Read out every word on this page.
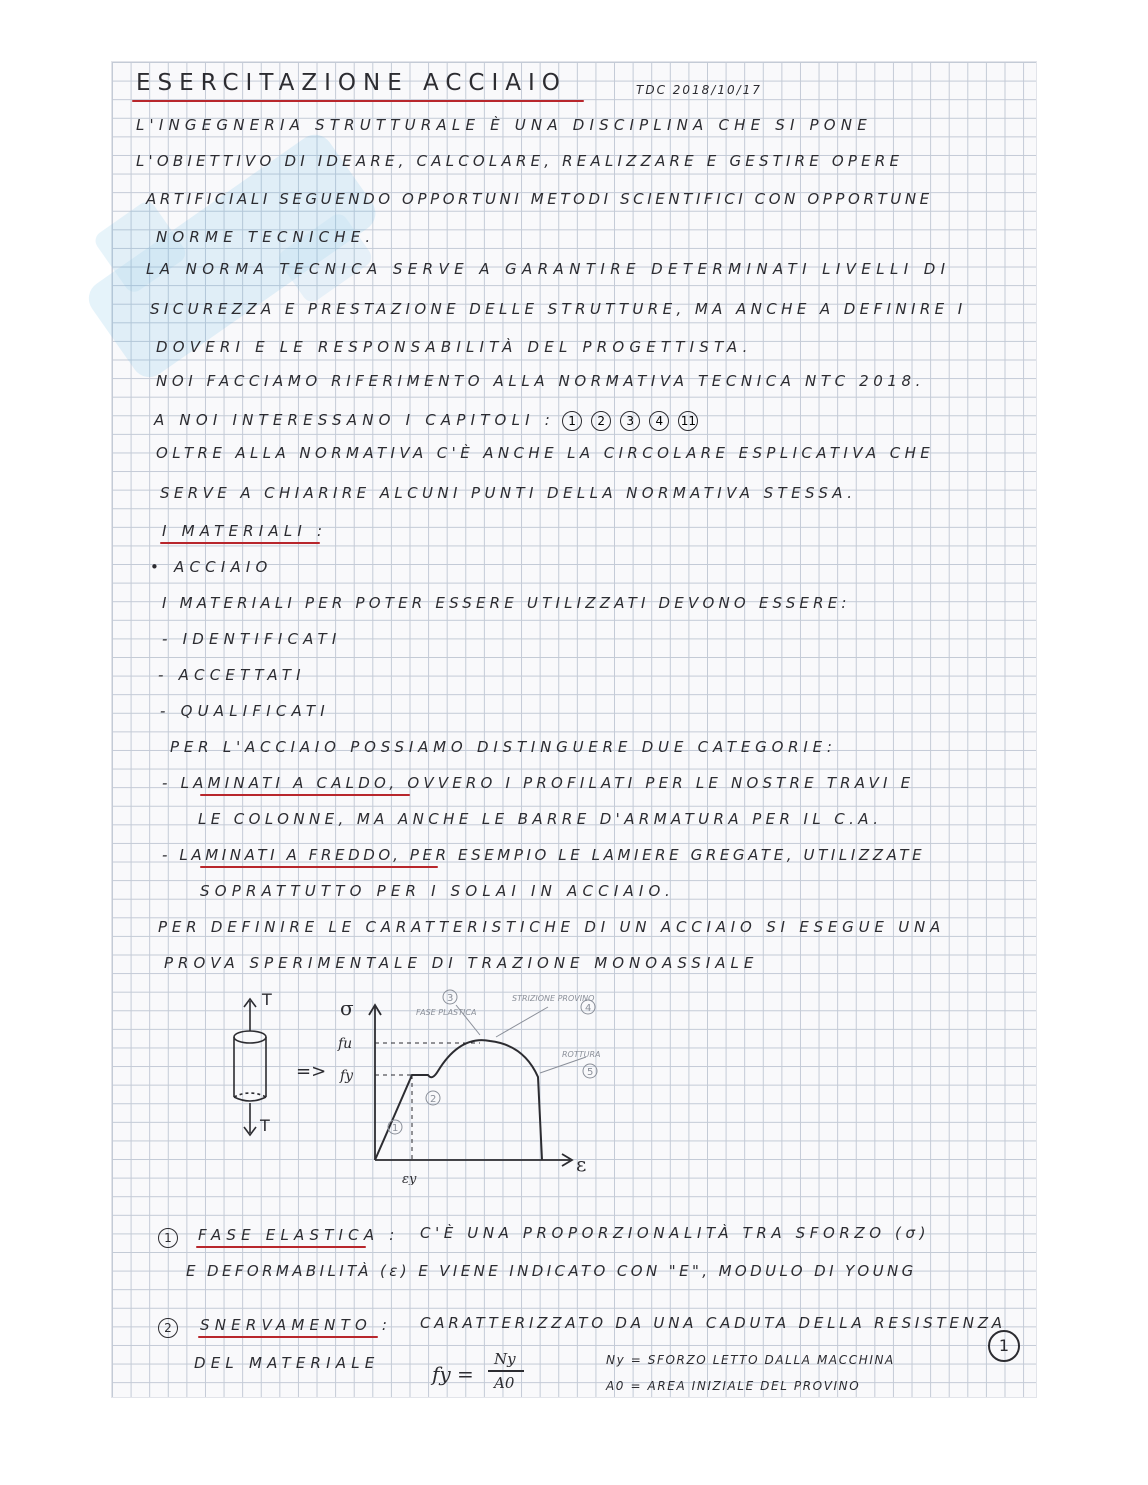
ESERCITAZIONE ACCIAIO	TDC 2018/10/17
L'INGEGNERIA STRUTTURALE È UNA DISCIPLINA CHE SI PONE
L'OBIETTIVO DI IDEARE, CALCOLARE, REALIZZARE E GESTIRE OPERE
ARTIFICIALI SEGUENDO OPPORTUNI METODI SCIENTIFICI CON OPPORTUNE
NORME TECNICHE.
LA NORMA TECNICA SERVE A GARANTIRE DETERMINATI LIVELLI DI
SICUREZZA E PRESTAZIONE DELLE STRUTTURE, MA ANCHE A DEFINIRE I
DOVERI E LE RESPONSABILITÀ DEL PROGETTISTA.
NOI FACCIAMO RIFERIMENTO ALLA NORMATIVA TECNICA NTC 2018.
A NOI INTERESSANO I CAPITOLI : 1 2 3 4 11
OLTRE ALLA NORMATIVA C'È ANCHE LA CIRCOLARE ESPLICATIVA CHE
SERVE A CHIARIRE ALCUNI PUNTI DELLA NORMATIVA STESSA.
I MATERIALI :
• ACCIAIO
I MATERIALI PER POTER ESSERE UTILIZZATI DEVONO ESSERE:
- IDENTIFICATI
- ACCETTATI
- QUALIFICATI
PER L'ACCIAIO POSSIAMO DISTINGUERE DUE CATEGORIE:
- LAMINATI A CALDO, OVVERO I PROFILATI PER LE NOSTRE TRAVI E
LE COLONNE, MA ANCHE LE BARRE D'ARMATURA PER IL C.A.
- LAMINATI A FREDDO, PER ESEMPIO LE LAMIERE GREGATE, UTILIZZATE
SOPRATTUTTO PER I SOLAI IN ACCIAIO.
PER DEFINIRE LE CARATTERISTICHE DI UN ACCIAIO SI ESEGUE UNA
PROVA SPERIMENTALE DI TRAZIONE MONOASSIALE
T
T
=>
σ
ε
fu
fy
εy
1
2
3
4
5
FASE PLASTICA
STRIZIONE PROVINO
ROTTURA
1	FASE ELASTICA : C'È UNA PROPORZIONALITÀ TRA SFORZO (σ)
E DEFORMABILITÀ (ε) E VIENE INDICATO CON "E", MODULO DI YOUNG
2	SNERVAMENTO : CARATTERIZZATO DA UNA CADUTA DELLA RESISTENZA
DEL MATERIALE	fy =
Ny
A0
Ny = SFORZO LETTO DALLA MACCHINA
A0 = AREA INIZIALE DEL PROVINO
1
